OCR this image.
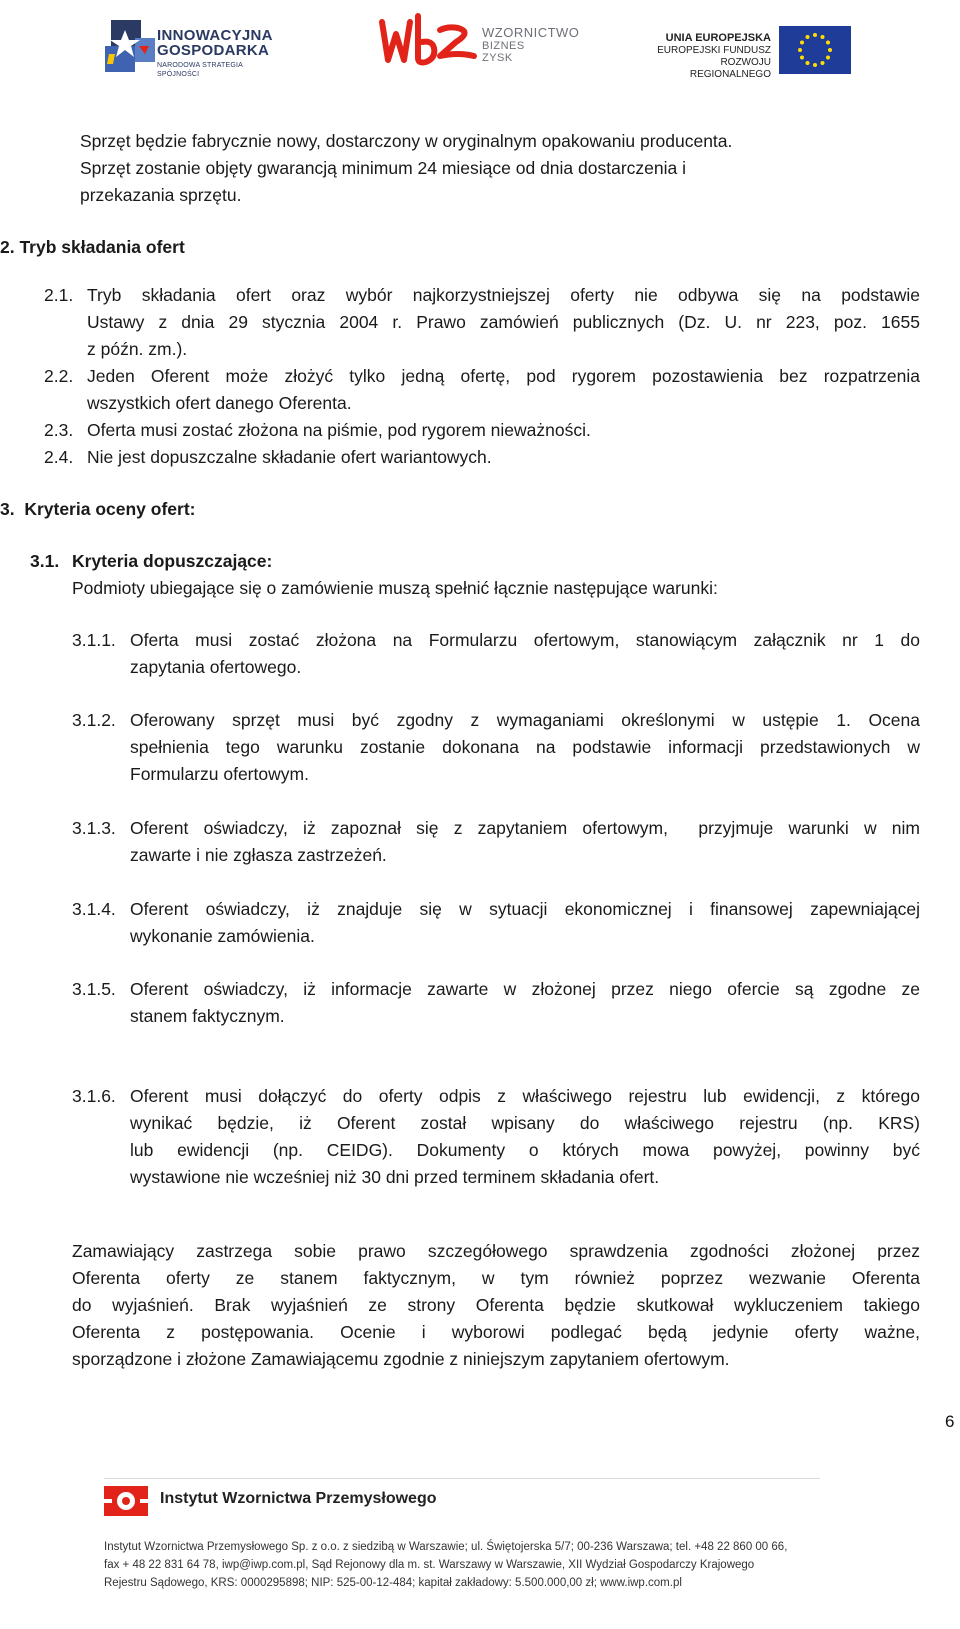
INNOWACYJNA
GOSPODARKA
NARODOWA STRATEGIA SPÓJNOŚCI
WZORNICTWO
BIZNES
ZYSK
UNIA EUROPEJSKA
EUROPEJSKI FUNDUSZ
ROZWOJU REGIONALNEGO
Sprzęt będzie fabrycznie nowy, dostarczony w oryginalnym opakowaniu producenta.
Sprzęt zostanie objęty gwarancją minimum 24 miesiące od dnia dostarczenia i
przekazania sprzętu.
2. Tryb składania ofert
2.1. Tryb składania ofert oraz wybór najkorzystniejszej oferty nie odbywa się na podstawie
Ustawy z dnia 29 stycznia 2004 r. Prawo zamówień publicznych (Dz. U. nr 223, poz. 1655
z późn. zm.).
2.2. Jeden Oferent może złożyć tylko jedną ofertę, pod rygorem pozostawienia bez rozpatrzenia
wszystkich ofert danego Oferenta.
2.3. Oferta musi zostać złożona na piśmie, pod rygorem nieważności.
2.4. Nie jest dopuszczalne składanie ofert wariantowych.
3.  Kryteria oceny ofert:
3.1. Kryteria dopuszczające:
Podmioty ubiegające się o zamówienie muszą spełnić łącznie następujące warunki:
3.1.1. Oferta musi zostać złożona na Formularzu ofertowym, stanowiącym załącznik nr 1 do
zapytania ofertowego.
3.1.2. Oferowany sprzęt musi być zgodny z wymaganiami określonymi w ustępie 1. Ocena
spełnienia tego warunku zostanie dokonana na podstawie informacji przedstawionych w
Formularzu ofertowym.
3.1.3. Oferent oświadczy, iż zapoznał się z zapytaniem ofertowym,  przyjmuje warunki w nim
zawarte i nie zgłasza zastrzeżeń.
3.1.4. Oferent oświadczy, iż znajduje się w sytuacji ekonomicznej i finansowej zapewniającej
wykonanie zamówienia.
3.1.5. Oferent oświadczy, iż informacje zawarte w złożonej przez niego ofercie są zgodne ze
stanem faktycznym.
3.1.6. Oferent musi dołączyć do oferty odpis z właściwego rejestru lub ewidencji, z którego
wynikać będzie, iż Oferent został wpisany do właściwego rejestru (np. KRS)
lub ewidencji (np. CEIDG). Dokumenty o których mowa powyżej, powinny być
wystawione nie wcześniej niż 30 dni przed terminem składania ofert.
Zamawiający zastrzega sobie prawo szczegółowego sprawdzenia zgodności złożonej przez
Oferenta oferty ze stanem faktycznym, w tym również poprzez wezwanie Oferenta
do wyjaśnień. Brak wyjaśnień ze strony Oferenta będzie skutkował wykluczeniem takiego
Oferenta z postępowania. Ocenie i wyborowi podlegać będą jedynie oferty ważne,
sporządzone i złożone Zamawiającemu zgodnie z niniejszym zapytaniem ofertowym.
6
Instytut Wzornictwa Przemysłowego
Instytut Wzornictwa Przemysłowego Sp. z o.o. z siedzibą w Warszawie; ul. Świętojerska 5/7; 00-236 Warszawa; tel. +48 22 860 00 66,
fax + 48 22 831 64 78, iwp@iwp.com.pl, Sąd Rejonowy dla m. st. Warszawy w Warszawie, XII Wydział Gospodarczy Krajowego
Rejestru Sądowego, KRS: 0000295898; NIP: 525-00-12-484; kapitał zakładowy: 5.500.000,00 zł; www.iwp.com.pl
